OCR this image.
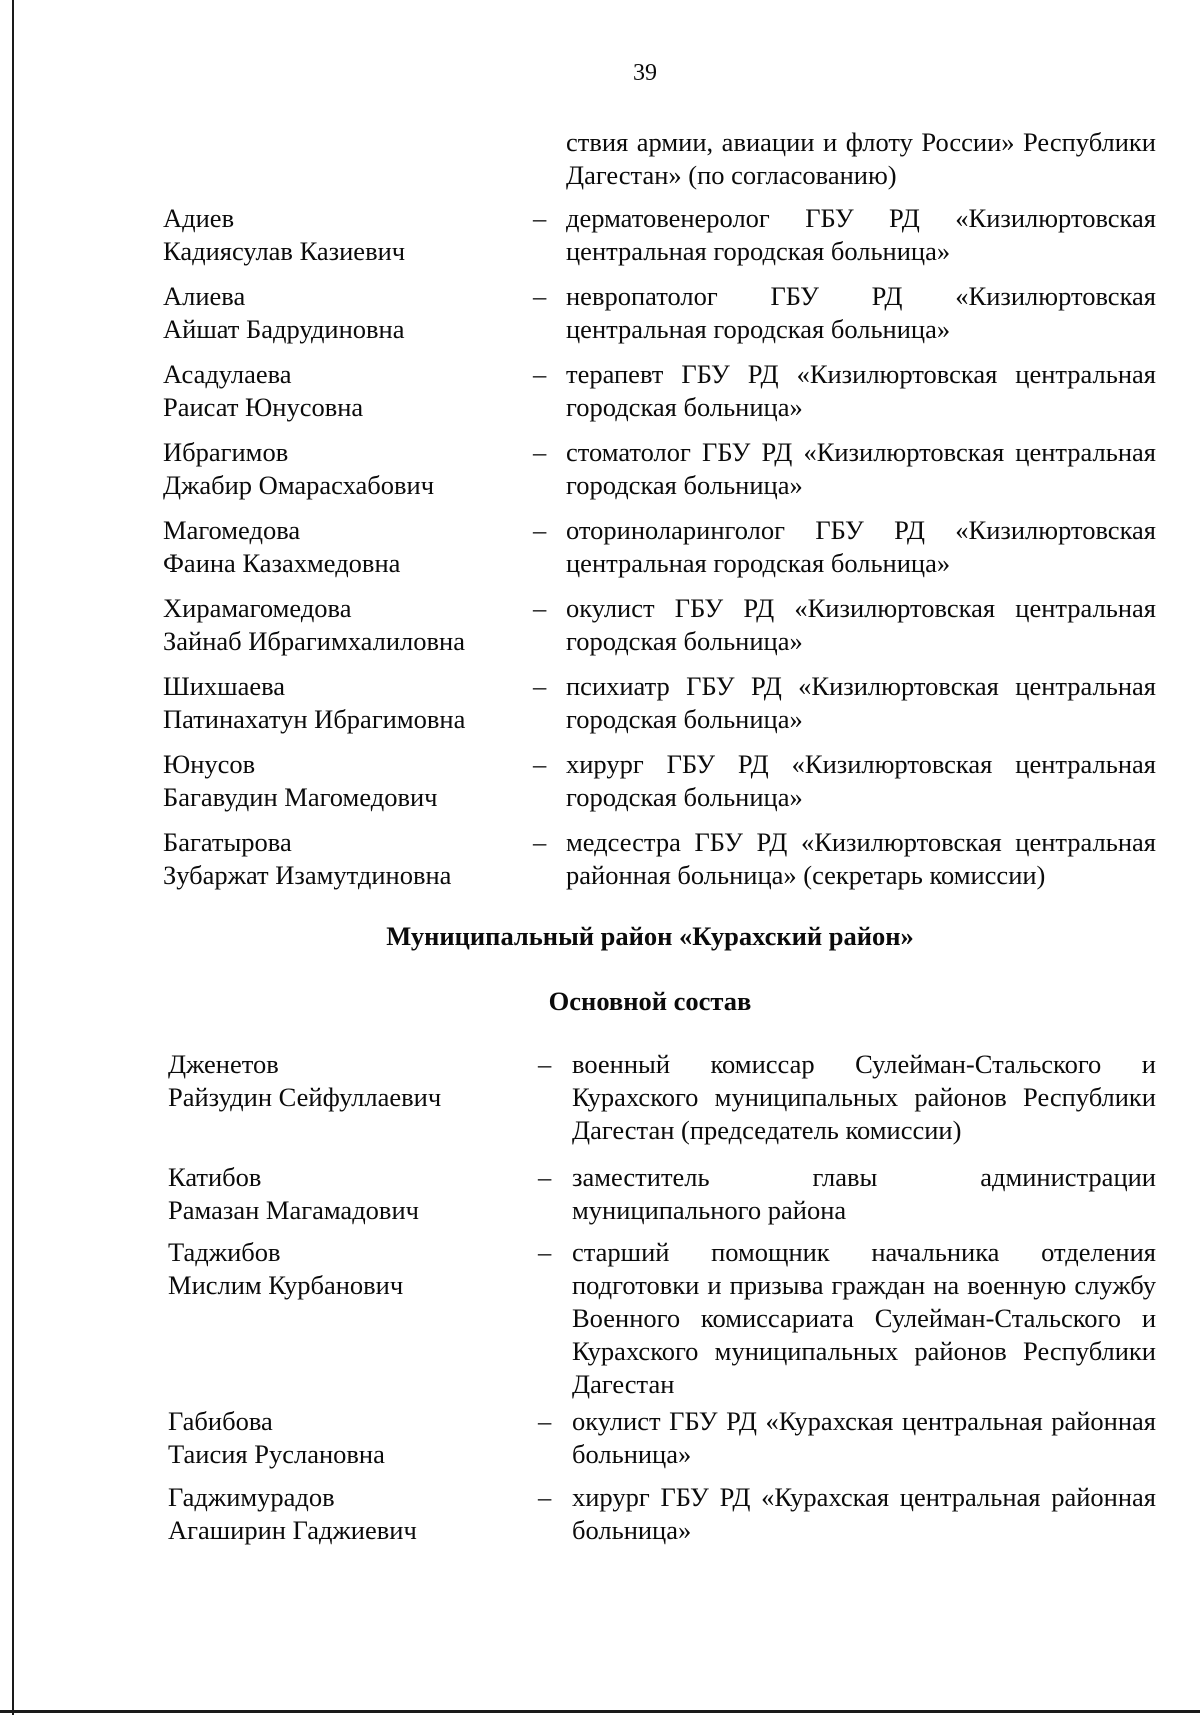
39
ствия армии, авиации и флоту России» Республики Дагестан» (по согласованию)
Адиев
Кадиясулав Казиевич
– дерматовенеролог ГБУ РД «Кизилюртовская центральная городская больница»
Алиева
Айшат Бадрудиновна
– невропатолог ГБУ РД «Кизилюртовская центральная городская больница»
Асадулаева
Раисат Юнусовна
– терапевт ГБУ РД «Кизилюртовская центральная городская больница»
Ибрагимов
Джабир Омарасхабович
– стоматолог ГБУ РД «Кизилюртовская центральная городская больница»
Магомедова
Фаина Казахмедовна
– оториноларинголог ГБУ РД «Кизилюртовская центральная городская больница»
Хирамагомедова
Зайнаб Ибрагимхалиловна
– окулист ГБУ РД «Кизилюртовская центральная городская больница»
Шихшаева
Патинахатун Ибрагимовна
– психиатр ГБУ РД «Кизилюртовская центральная городская больница»
Юнусов
Багавудин Магомедович
– хирург ГБУ РД «Кизилюртовская центральная городская больница»
Багатырова
Зубаржат Изамутдиновна
– медсестра ГБУ РД «Кизилюртовская центральная районная больница» (секретарь комиссии)
Муниципальный район «Курахский район»
Основной состав
Дженетов
Райзудин Сейфуллаевич
– военный комиссар Сулейман-Стальского и Курахского муниципальных районов Республики Дагестан (председатель комиссии)
Катибов
Рамазан Магамадович
– заместитель главы администрации муниципального района
Таджибов
Мислим Курбанович
– старший помощник начальника отделения подготовки и призыва граждан на военную службу Военного комиссариата Сулейман-Стальского и Курахского муниципальных районов Республики Дагестан
Габибова
Таисия Руслановна
– окулист ГБУ РД «Курахская центральная районная больница»
Гаджимурадов
Агаширин Гаджиевич
– хирург ГБУ РД «Курахская центральная районная больница»
